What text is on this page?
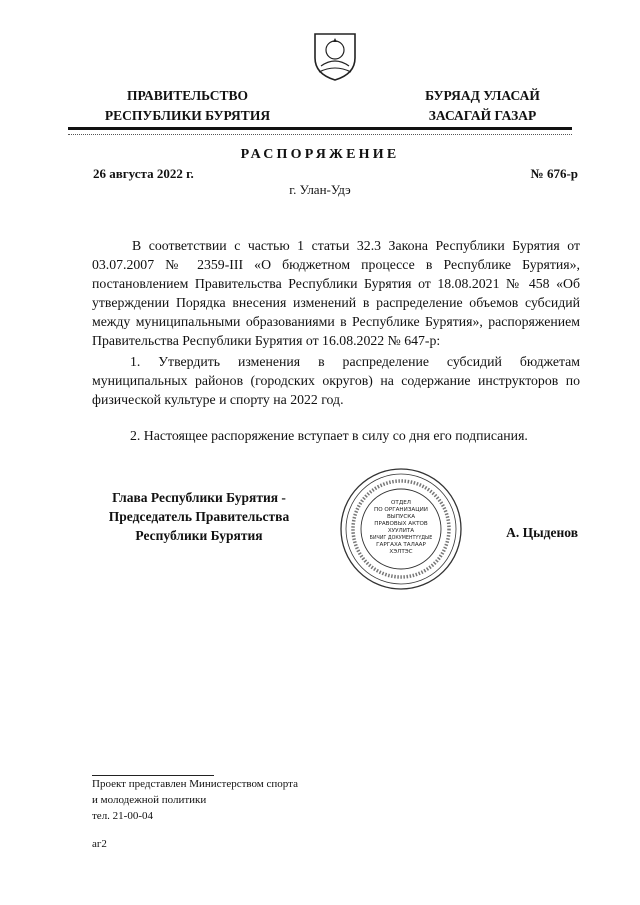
ПРАВИТЕЛЬСТВО
РЕСПУБЛИКИ БУРЯТИЯ
БУРЯАД УЛАСАЙ
ЗАСАГАЙ ГАЗАР
РАСПОРЯЖЕНИЕ
26 августа 2022 г.	№ 676-р
г. Улан-Удэ
В соответствии с частью 1 статьи 32.3 Закона Республики Бурятия от 03.07.2007 № 2359-III «О бюджетном процессе в Республике Бурятия», постановлением Правительства Республики Бурятия от 18.08.2021 № 458 «Об утверждении Порядка внесения изменений в распределение объемов субсидий между муниципальными образованиями в Республике Бурятия», распоряжением Правительства Республики Бурятия от 16.08.2022 № 647-р:
1. Утвердить изменения в распределение субсидий бюджетам муниципальных районов (городских округов) на содержание инструкторов по физической культуре и спорту на 2022 год.
2. Настоящее распоряжение вступает в силу со дня его подписания.
Глава Республики Бурятия -
Председатель Правительства
Республики Бурятия	А. Цыденов
ОТДЕЛ
ПО ОРГАНИЗАЦИИ
ВЫПУСКА
ПРАВОВЫХ АКТОВ
ХУУЛИТА
БИЧИГ ДОКУМЕНТҮҮДЫЕ
ГАРГАХА ТАЛААР
ХЭЛТЭС
Проект представлен Министерством спорта
и молодежной политики
тел. 21-00-04
аг2
